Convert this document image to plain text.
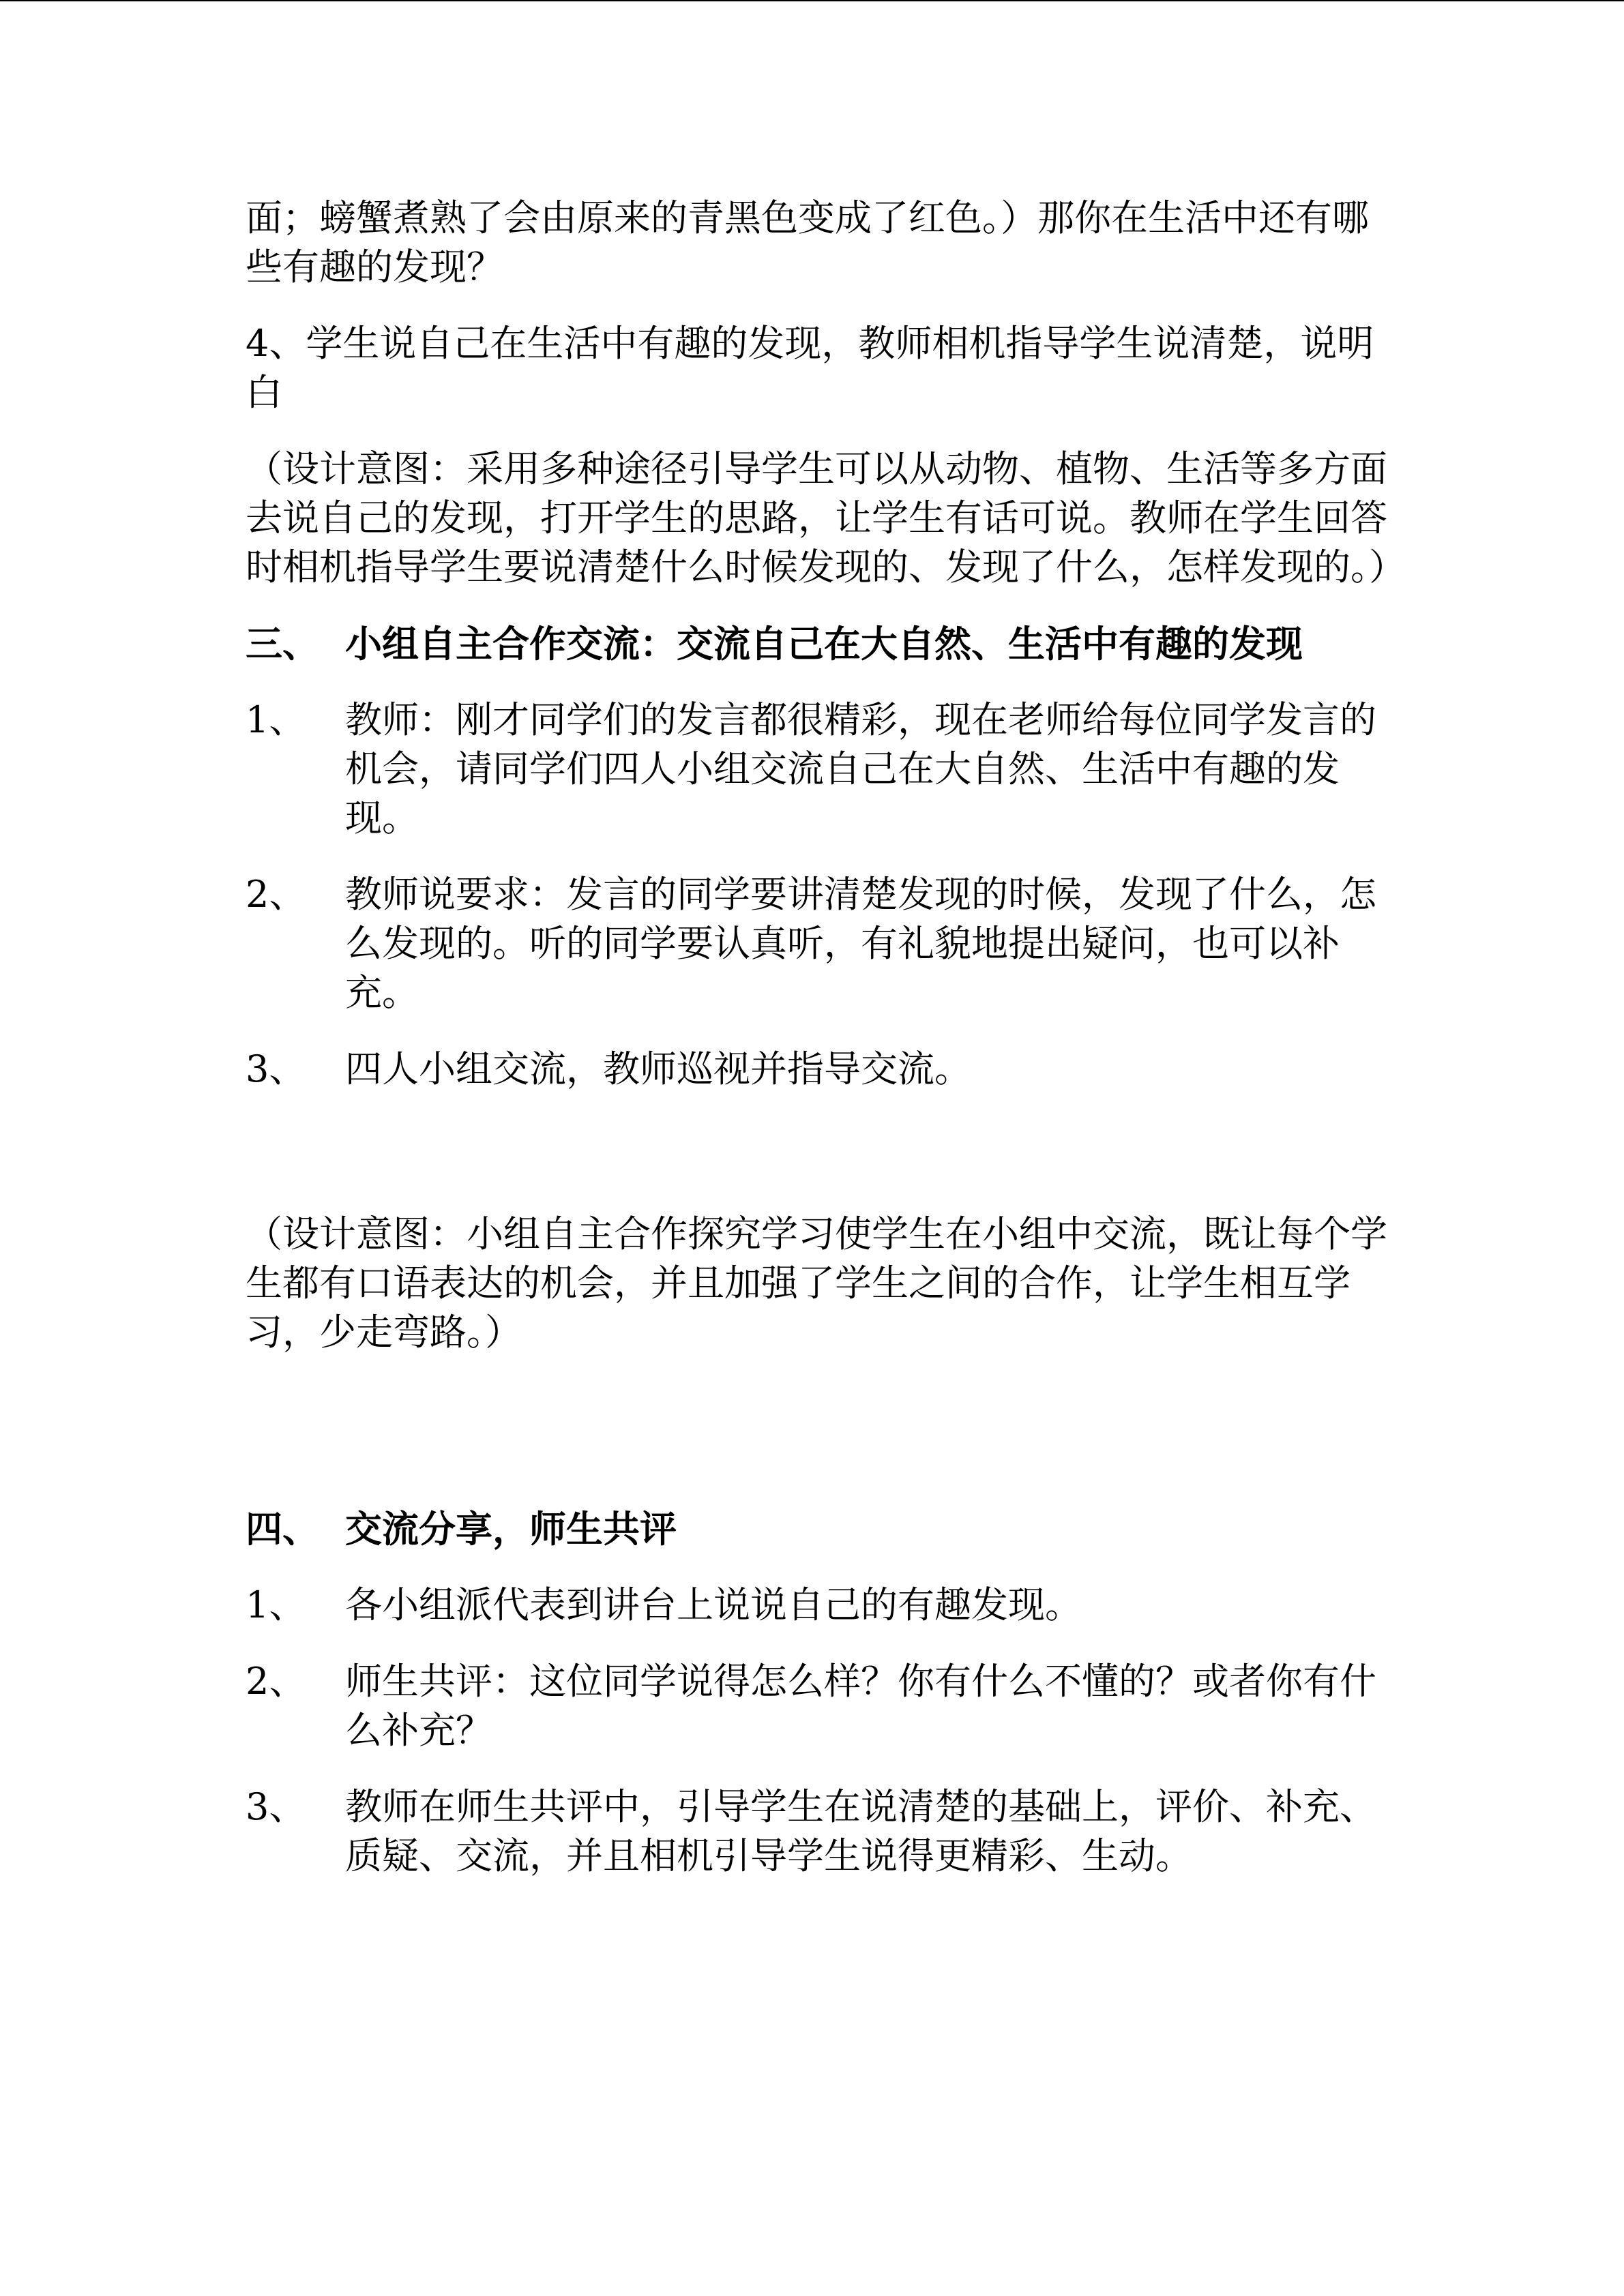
面；螃蟹煮熟了会由原来的青黑色变成了红色。）那你在生活中还有哪些有趣的发现？

4、学生说自己在生活中有趣的发现，教师相机指导学生说清楚，说明白

（设计意图：采用多种途径引导学生可以从动物、植物、生活等多方面去说自己的发现，打开学生的思路，让学生有话可说。教师在学生回答时相机指导学生要说清楚什么时候发现的、发现了什么，怎样发现的。）

三、 小组自主合作交流：交流自己在大自然、生活中有趣的发现
1、	教师：刚才同学们的发言都很精彩，现在老师给每位同学发言的机会，请同学们四人小组交流自己在大自然、生活中有趣的发现。
2、	教师说要求：发言的同学要讲清楚发现的时候，发现了什么，怎么发现的。听的同学要认真听，有礼貌地提出疑问，也可以补充。
3、	四人小组交流，教师巡视并指导交流。

（设计意图：小组自主合作探究学习使学生在小组中交流，既让每个学生都有口语表达的机会，并且加强了学生之间的合作，让学生相互学习，少走弯路。）

四、 交流分享，师生共评
1、	各小组派代表到讲台上说说自己的有趣发现。
2、	师生共评：这位同学说得怎么样？你有什么不懂的？或者你有什么补充？
3、	教师在师生共评中，引导学生在说清楚的基础上，评价、补充、质疑、交流，并且相机引导学生说得更精彩、生动。
